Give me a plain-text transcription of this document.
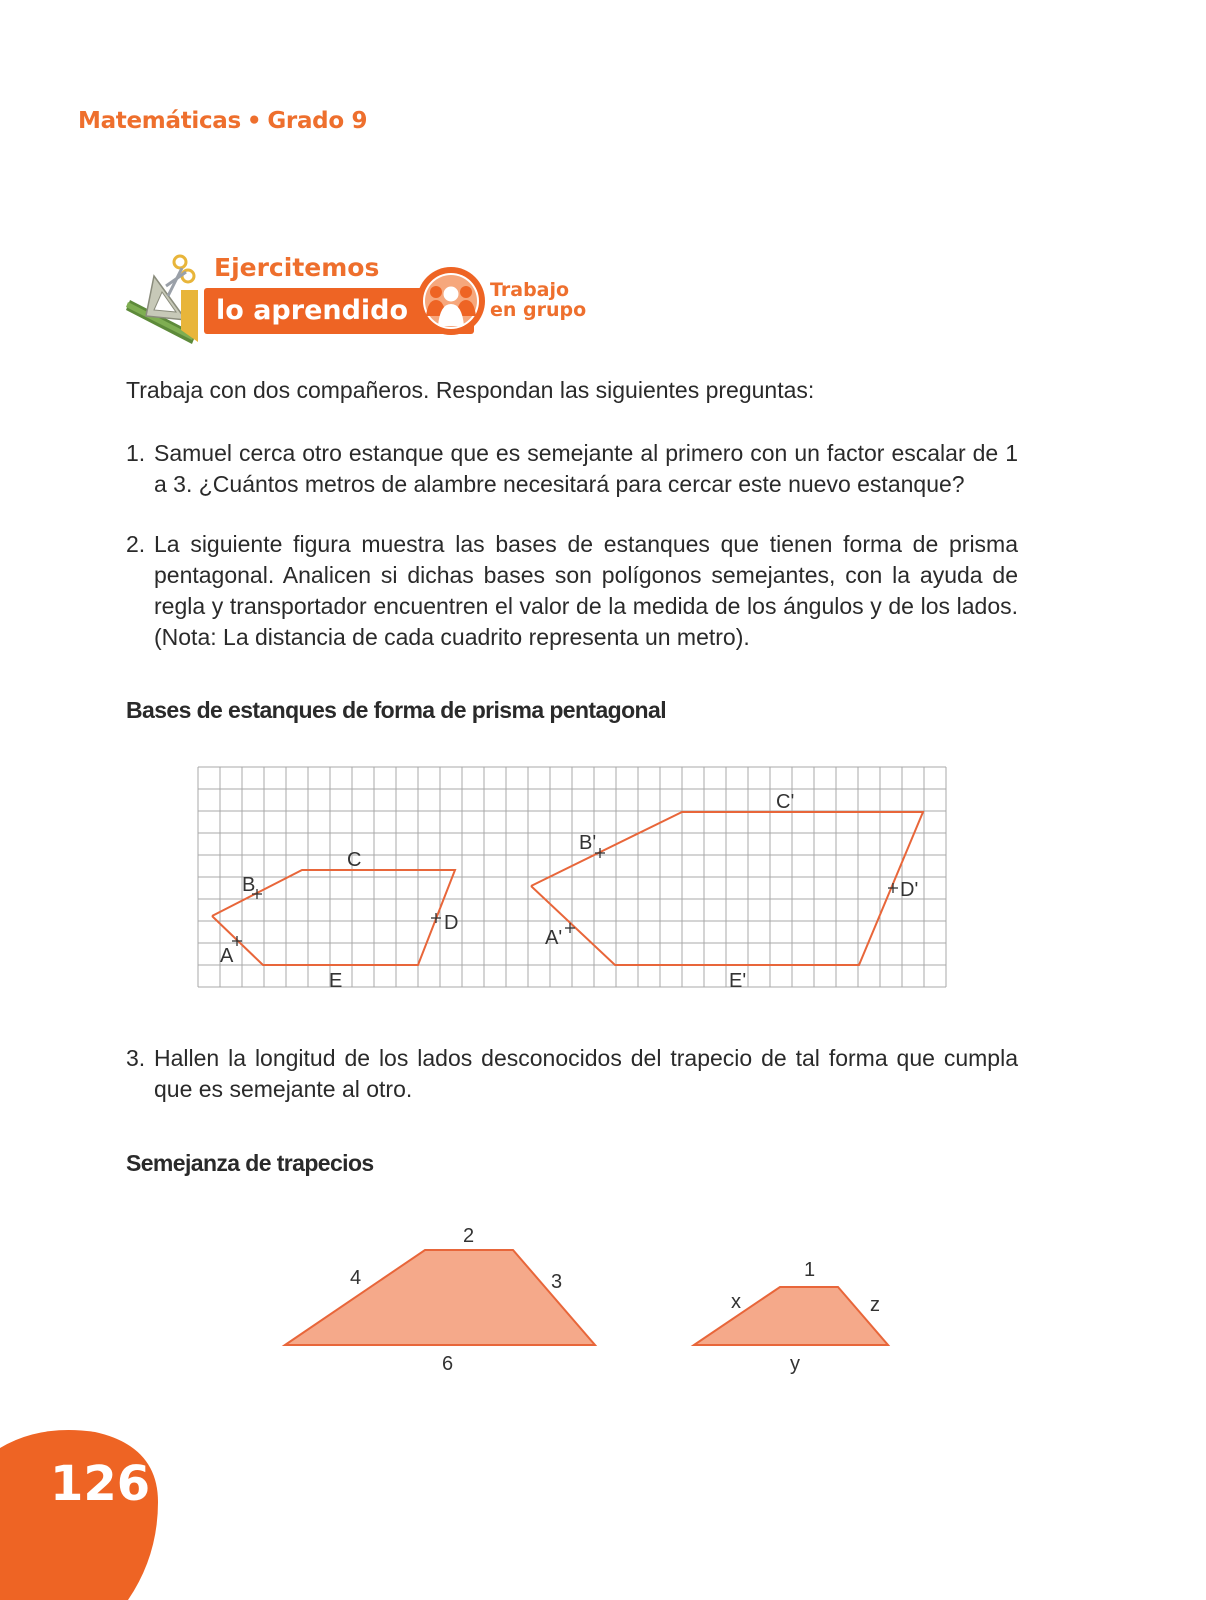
Matemáticas • Grado 9
Ejercitemos
lo aprendido
Trabajo
en grupo
Trabaja con dos compañeros. Respondan las siguientes preguntas:
1. Samuel cerca otro estanque que es semejante al primero con un factor escalar de 1 a 3. ¿Cuántos metros de alambre necesitará para cercar este nuevo estanque?
2. La siguiente figura muestra las bases de estanques que tienen forma de prisma pentagonal. Analicen si dichas bases son polígonos semejantes, con la ayuda de regla y transportador encuentren el valor de la medida de los ángulos y de los lados. (Nota: La distancia de cada cuadrito representa un metro).
Bases de estanques de forma de prisma pentagonal
A
B
C
D
E
A'
B'
C'
D'
E'
3. Hallen la longitud de los lados desconocidos del trapecio de tal forma que cumpla que es semejante al otro.
Semejanza de trapecios
2
4	3
6
1
x	z
y
126
